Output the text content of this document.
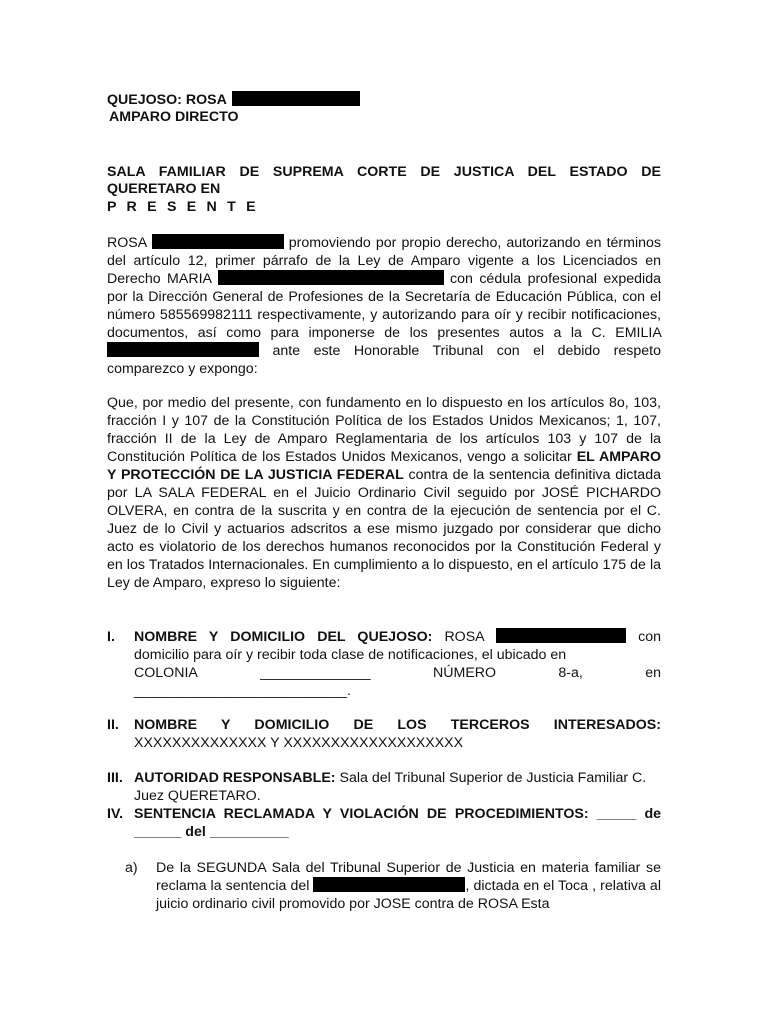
QUEJOSO: ROSA
AMPARO DIRECTO
SALA FAMILIAR DE SUPREMA CORTE DE JUSTICA DEL ESTADO DE
QUERETARO EN
P R E S E N T E
ROSA	promoviendo por propio derecho, autorizando en términos del artículo 12, primer párrafo de la Ley de Amparo vigente a los Licenciados en Derecho MARIA	con cédula profesional expedida por la Dirección General de Profesiones de la Secretaría de Educación Pública, con el número 585569982111 respectivamente, y autorizando para oír y recibir notificaciones, documentos, así como para imponerse de los presentes autos a la C. EMILIA  ante este Honorable Tribunal con el debido respeto comparezco y expongo:
Que, por medio del presente, con fundamento en lo dispuesto en los artículos 8o, 103, fracción I y 107 de la Constitución Política de los Estados Unidos Mexicanos; 1, 107, fracción II de la Ley de Amparo Reglamentaria de los artículos 103 y 107 de la Constitución Política de los Estados Unidos Mexicanos, vengo a solicitar EL AMPARO Y PROTECCIÓN DE LA JUSTICIA FEDERAL contra de la sentencia definitiva dictada por LA SALA FEDERAL en el Juicio Ordinario Civil seguido por JOSÉ PICHARDO OLVERA, en contra de la suscrita y en contra de la ejecución de sentencia por el C. Juez de lo Civil y actuarios adscritos a ese mismo juzgado por considerar que dicho acto es violatorio de los derechos humanos reconocidos por la Constitución Federal y en los Tratados Internacionales. En cumplimiento a lo dispuesto, en el artículo 175 de la Ley de Amparo, expreso lo siguiente:
I. NOMBRE Y DOMICILIO DEL QUEJOSO: ROSA	con domicilio para oír y recibir toda clase de notificaciones, el ubicado en
COLONIA	______________	NÚMERO	8-a,	en
___________________________.
II. NOMBRE Y DOMICILIO DE LOS TERCEROS INTERESADOS:
XXXXXXXXXXXXXX Y XXXXXXXXXXXXXXXXXXX
III. AUTORIDAD RESPONSABLE: Sala del Tribunal Superior de Justicia Familiar C. Juez QUERETARO.
IV. SENTENCIA RECLAMADA Y VIOLACIÓN DE PROCEDIMIENTOS: _____ de ______ del __________
a) De la SEGUNDA Sala del Tribunal Superior de Justicia en materia familiar se reclama la sentencia del	, dictada en el Toca , relativa al juicio ordinario civil promovido por JOSE contra de ROSA Esta
